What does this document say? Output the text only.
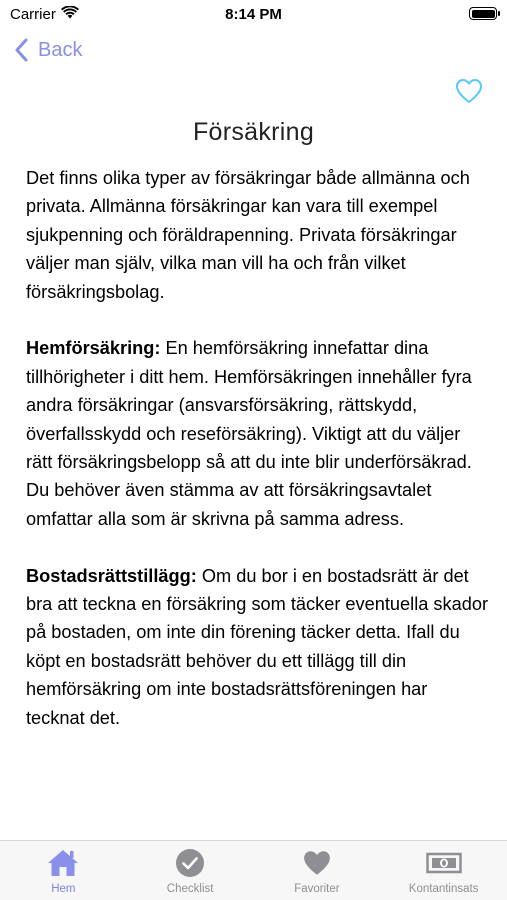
Carrier	8:14 PM
Back
Försäkring

Det finns olika typer av försäkringar både allmänna och privata. Allmänna försäkringar kan vara till exempel sjukpenning och föräldrapenning. Privata försäkringar väljer man själv, vilka man vill ha och från vilket försäkringsbolag.

Hemförsäkring: En hemförsäkring innefattar dina tillhörigheter i ditt hem. Hemförsäkringen innehåller fyra andra försäkringar (ansvarsförsäkring, rättskydd, överfallsskydd och reseförsäkring). Viktigt att du väljer rätt försäkringsbelopp så att du inte blir underförsäkrad. Du behöver även stämma av att försäkringsavtalet omfattar alla som är skrivna på samma adress.

Bostadsrättstillägg: Om du bor i en bostadsrätt är det bra att teckna en försäkring som täcker eventuella skador på bostaden, om inte din förening täcker detta. Ifall du köpt en bostadsrätt behöver du ett tillägg till din hemförsäkring om inte bostadsrättsföreningen har tecknat det.

Hem	Checklist	Favoriter	Kontantinsats
